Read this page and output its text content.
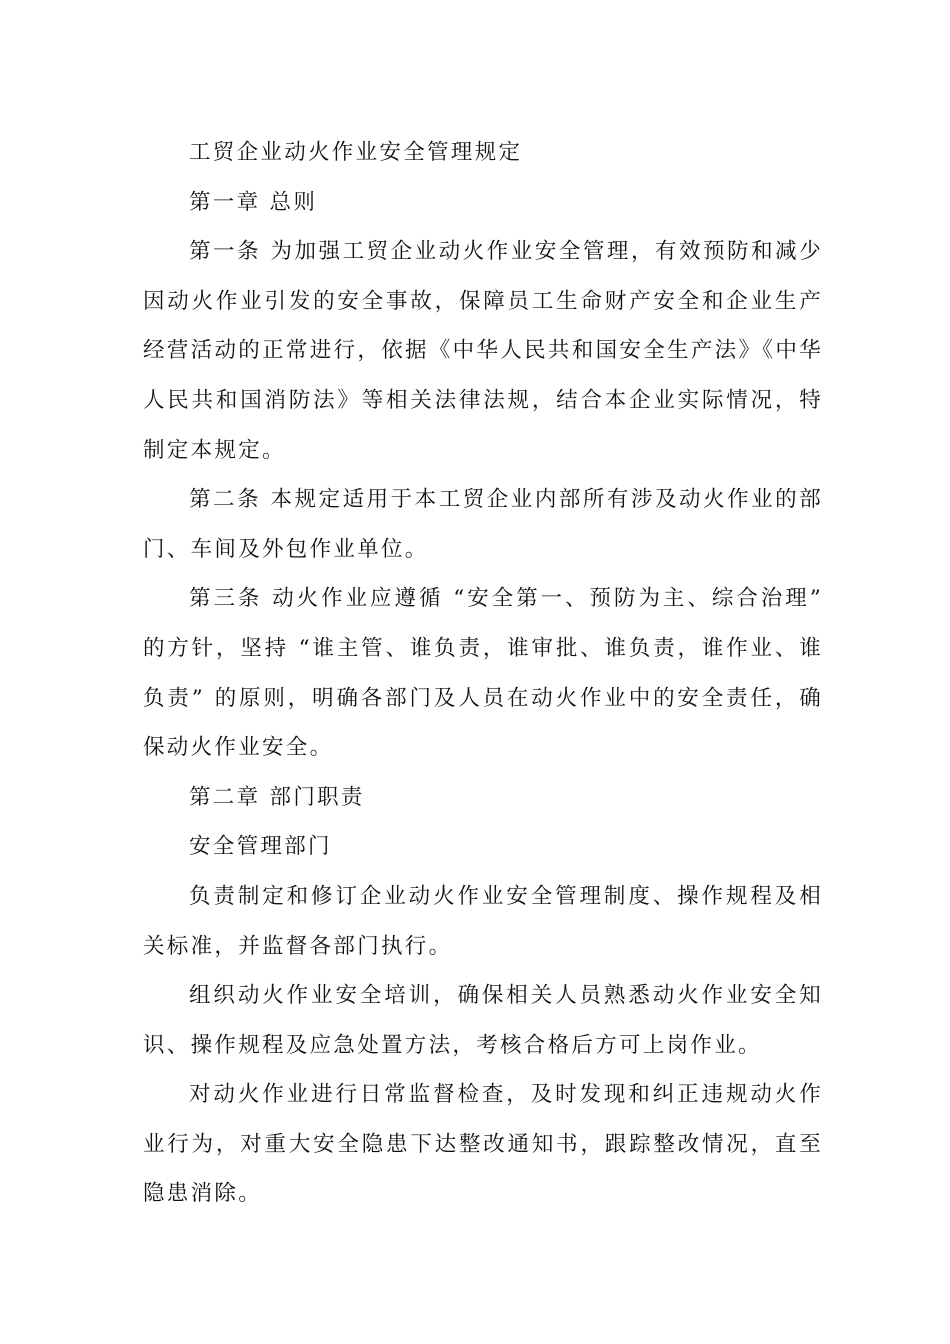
工贸企业动火作业安全管理规定

第一章 总则

第一条 为加强工贸企业动火作业安全管理，有效预防和减少因动火作业引发的安全事故，保障员工生命财产安全和企业生产经营活动的正常进行，依据《中华人民共和国安全生产法》《中华人民共和国消防法》等相关法律法规，结合本企业实际情况，特制定本规定。

第二条 本规定适用于本工贸企业内部所有涉及动火作业的部门、车间及外包作业单位。

第三条 动火作业应遵循 “安全第一、预防为主、综合治理” 的方针，坚持 “谁主管、谁负责，谁审批、谁负责，谁作业、谁负责” 的原则，明确各部门及人员在动火作业中的安全责任，确保动火作业安全。

第二章 部门职责

安全管理部门

负责制定和修订企业动火作业安全管理制度、操作规程及相关标准，并监督各部门执行。

组织动火作业安全培训，确保相关人员熟悉动火作业安全知识、操作规程及应急处置方法，考核合格后方可上岗作业。

对动火作业进行日常监督检查，及时发现和纠正违规动火作业行为，对重大安全隐患下达整改通知书，跟踪整改情况，直至隐患消除。
